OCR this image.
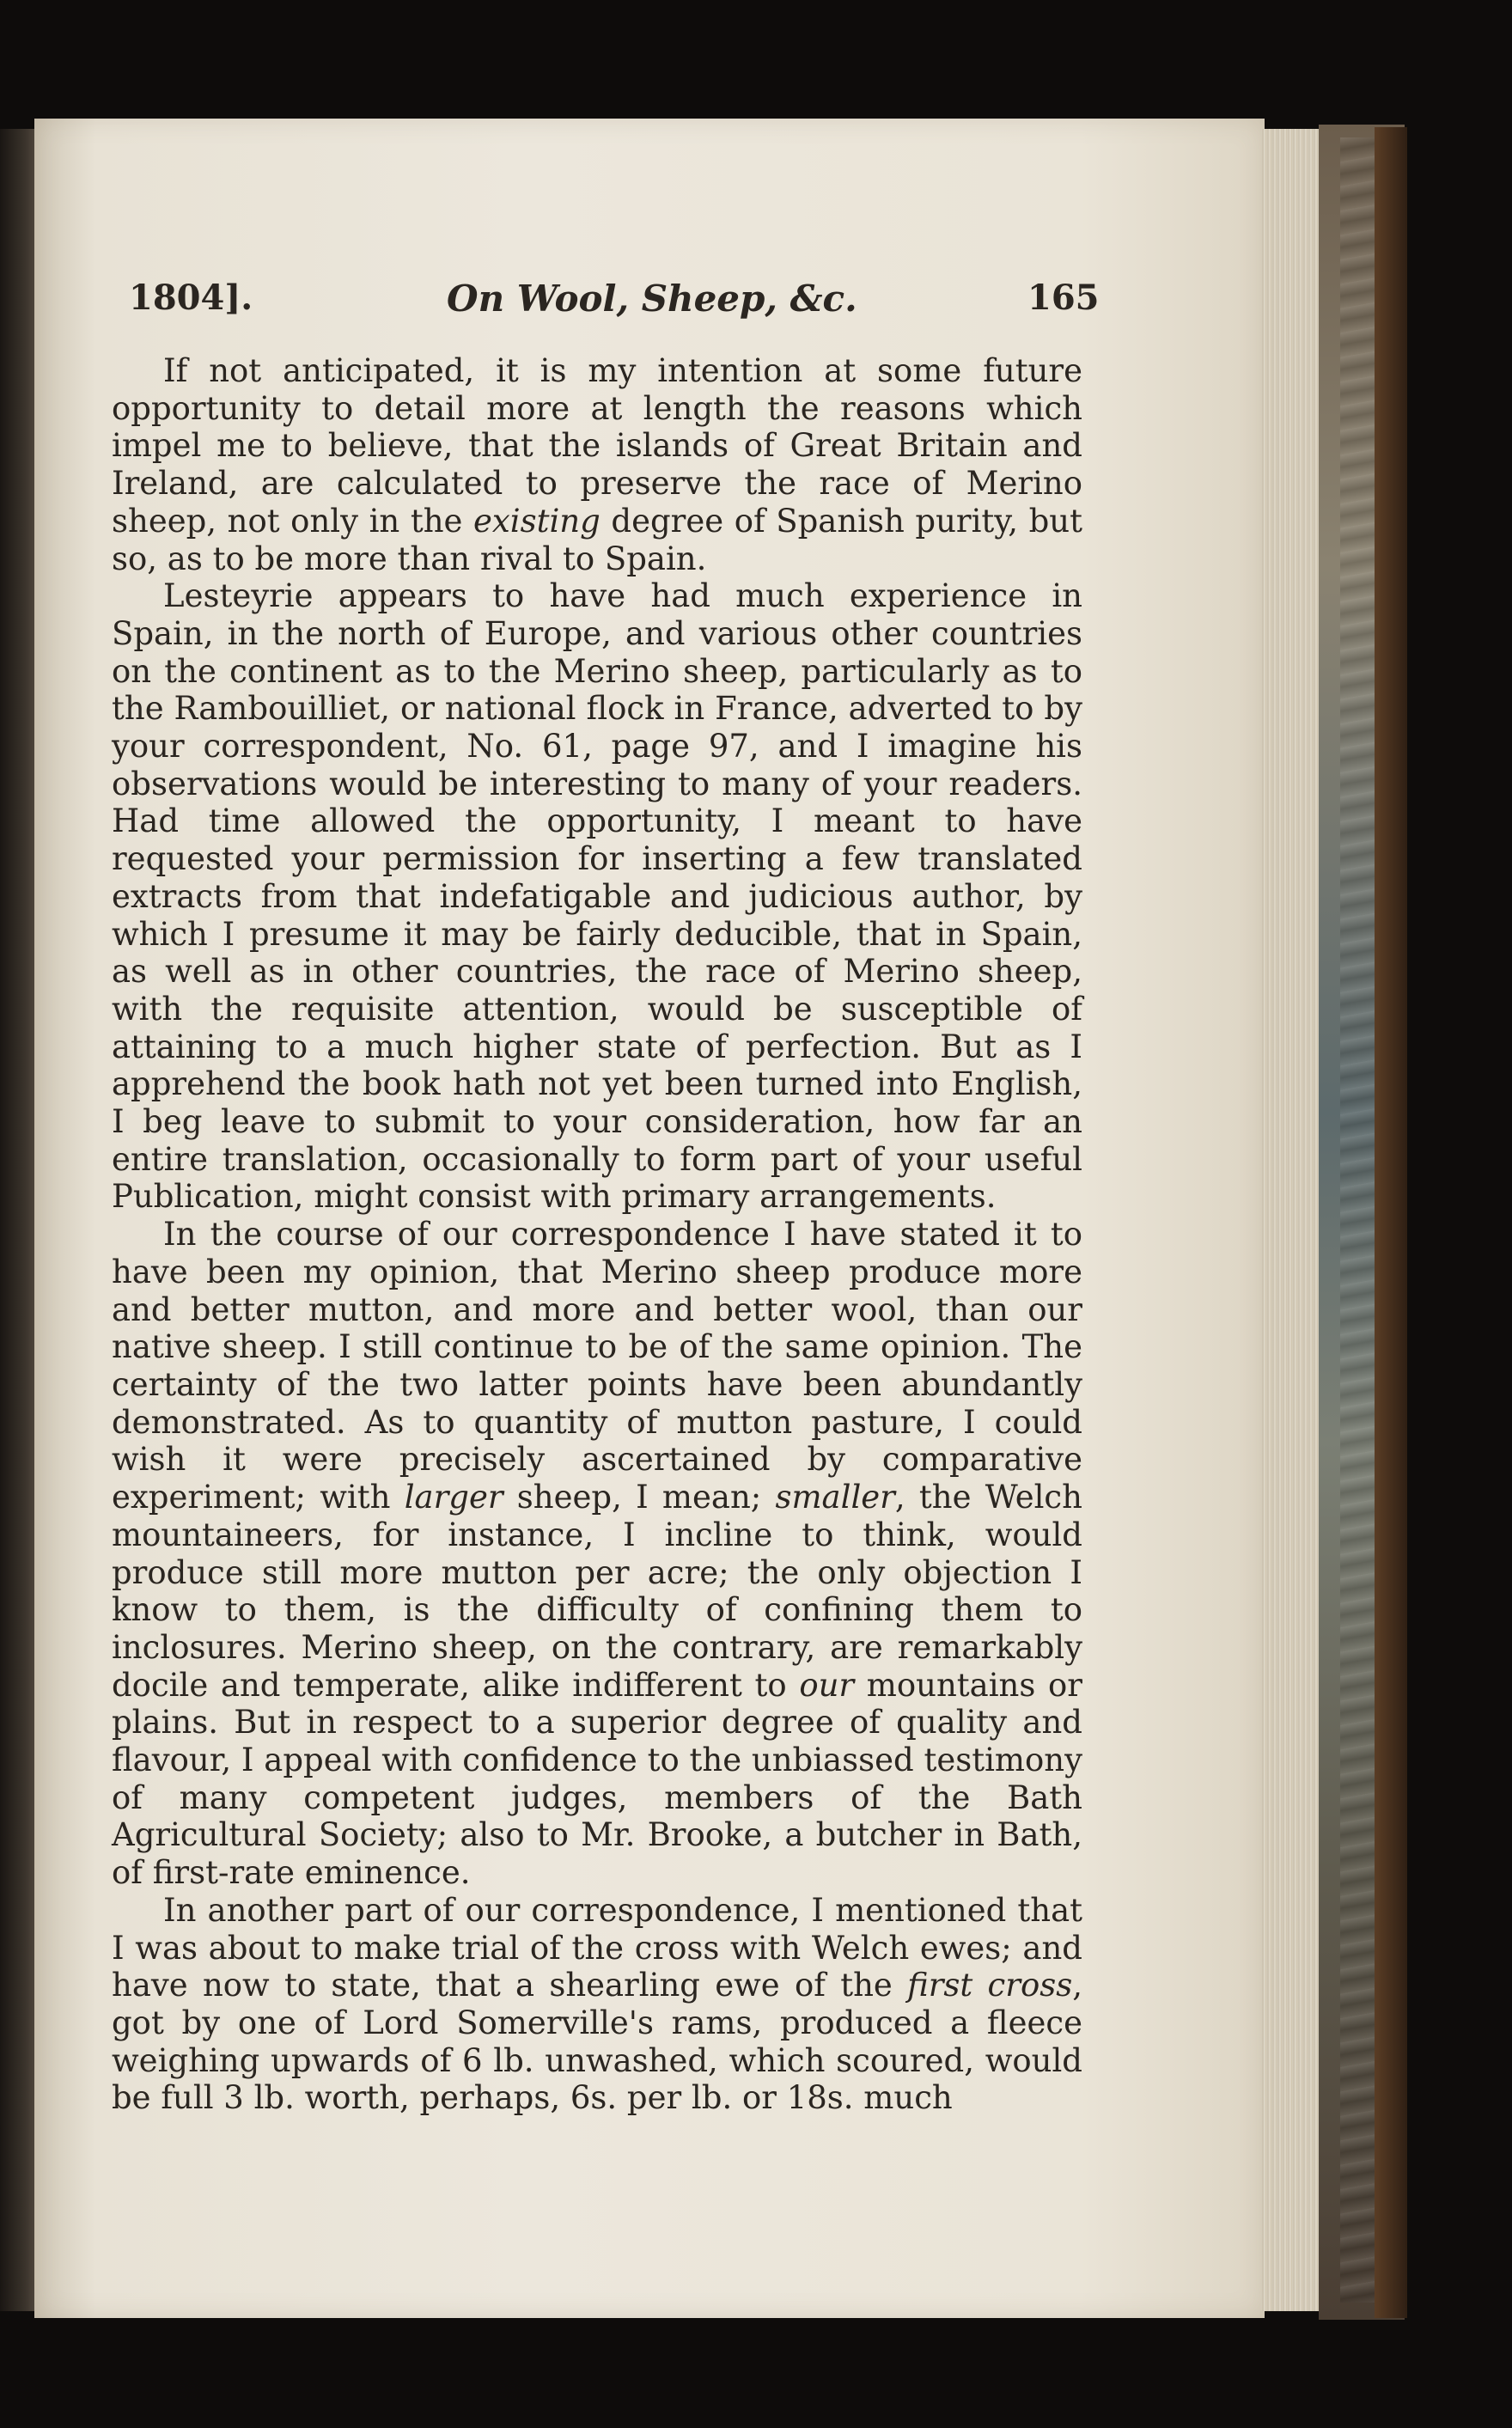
1804].	On Wool, Sheep, &c.	165

If not anticipated, it is my intention at some future opportunity to detail more at length the reasons which impel me to believe, that the islands of Great Britain and Ireland, are calculated to preserve the race of Merino sheep, not only in the existing degree of Spanish purity, but so, as to be more than rival to Spain.

Lesteyrie appears to have had much experience in Spain, in the north of Europe, and various other countries on the continent as to the Merino sheep, particularly as to the Rambouilliet, or national flock in France, adverted to by your correspondent, No. 61, page 97, and I imagine his observations would be interesting to many of your readers. Had time allowed the opportunity, I meant to have requested your permission for inserting a few translated extracts from that indefatigable and judicious author, by which I presume it may be fairly deducible, that in Spain, as well as in other countries, the race of Merino sheep, with the requisite attention, would be susceptible of attaining to a much higher state of perfection. But as I apprehend the book hath not yet been turned into English, I beg leave to submit to your consideration, how far an entire translation, occasionally to form part of your useful Publication, might consist with primary arrangements.

In the course of our correspondence I have stated it to have been my opinion, that Merino sheep produce more and better mutton, and more and better wool, than our native sheep. I still continue to be of the same opinion. The certainty of the two latter points have been abundantly demonstrated. As to quantity of mutton pasture, I could wish it were precisely ascertained by comparative experiment; with larger sheep, I mean; smaller, the Welch mountaineers, for instance, I incline to think, would produce still more mutton per acre; the only objection I know to them, is the difficulty of confining them to inclosures. Merino sheep, on the contrary, are remarkably docile and temperate, alike indifferent to our mountains or plains. But in respect to a superior degree of quality and flavour, I appeal with confidence to the unbiassed testimony of many competent judges, members of the Bath Agricultural Society; also to Mr. Brooke, a butcher in Bath, of first-rate eminence.

In another part of our correspondence, I mentioned that I was about to make trial of the cross with Welch ewes; and have now to state, that a shearling ewe of the first cross, got by one of Lord Somerville's rams, produced a fleece weighing upwards of 6 lb. unwashed, which scoured, would be full 3 lb. worth, perhaps, 6s. per lb. or 18s. much
